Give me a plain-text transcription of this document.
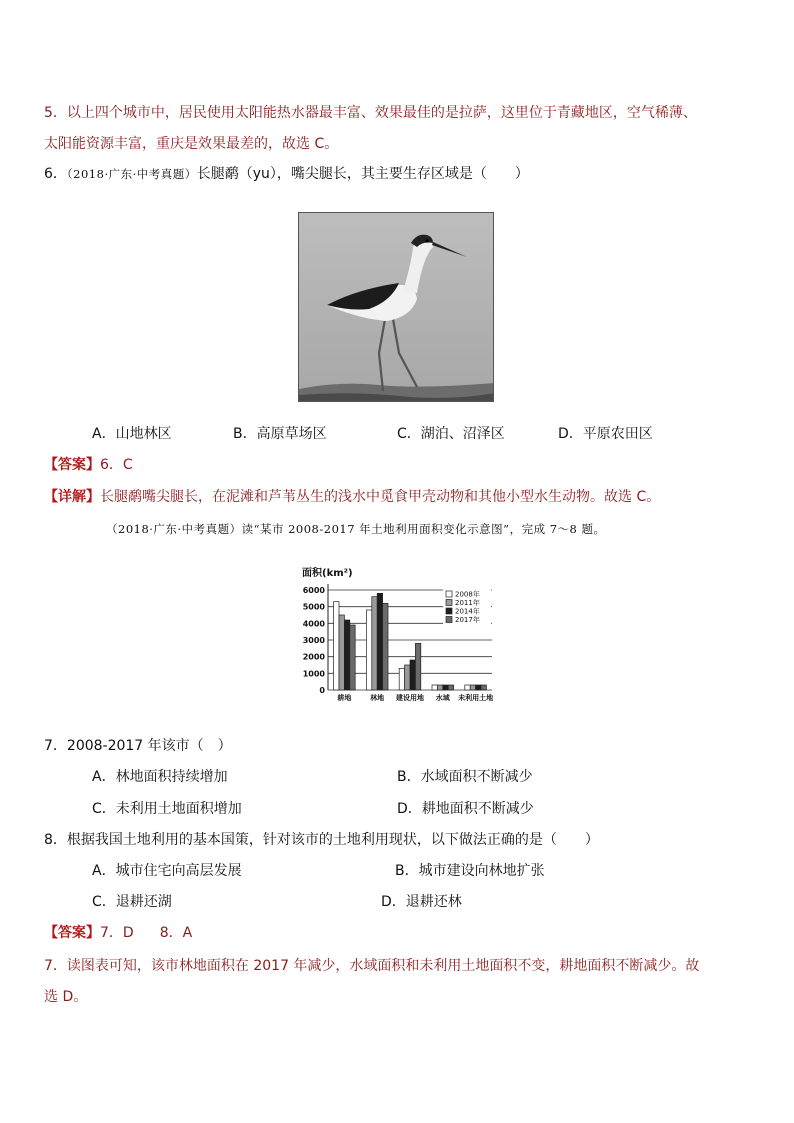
5．以上四个城市中，居民使用太阳能热水器最丰富、效果最佳的是拉萨，这里位于青藏地区，空气稀薄、
太阳能资源丰富，重庆是效果最差的，故选 C。
6．（2018·广东·中考真题）长腿鹬（yu），嘴尖腿长，其主要生存区域是（　　）
A．山地林区	B．高原草场区	C．湖泊、沼泽区	D．平原农田区
【答案】6．C
【详解】长腿鹬嘴尖腿长，在泥滩和芦苇丛生的浅水中觅食甲壳动物和其他小型水生动物。故选 C。
（2018·广东·中考真题）读“某市 2008-2017 年土地利用面积变化示意图”，完成 7～8 题。
面积(km²)
0
1000
2000
3000
4000
5000
6000
耕地	林地 建设用地 水域 未利用土地
2008年
2011年
2014年
2017年
7．2008-2017 年该市（　）
A．林地面积持续增加	B．水域面积不断减少
C．未利用土地面积增加	D．耕地面积不断减少
8．根据我国土地利用的基本国策，针对该市的土地利用现状，以下做法正确的是（　　）
A．城市住宅向高层发展	B．城市建设向林地扩张
C．退耕还湖	D．退耕还林
【答案】7．D 8．A
7．读图表可知，该市林地面积在 2017 年减少，水域面积和未利用土地面积不变，耕地面积不断减少。故
选 D。
